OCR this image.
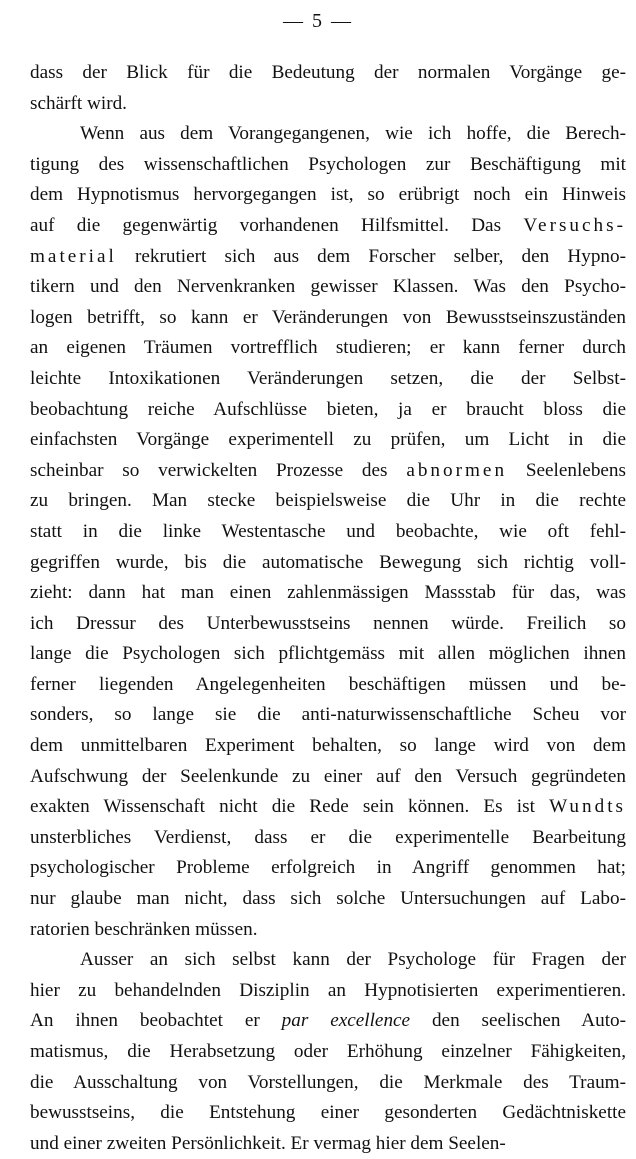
— 5 —
dass der Blick für die Bedeutung der normalen Vorgänge ge-
schärft wird.
Wenn aus dem Vorangegangenen, wie ich hoffe, die Berech-
tigung des wissenschaftlichen Psychologen zur Beschäftigung mit
dem Hypnotismus hervorgegangen ist, so erübrigt noch ein Hinweis
auf die gegenwärtig vorhandenen Hilfsmittel. Das Versuchs-
material rekrutiert sich aus dem Forscher selber, den Hypno-
tikern und den Nervenkranken gewisser Klassen. Was den Psycho-
logen betrifft, so kann er Veränderungen von Bewusstseinszuständen
an eigenen Träumen vortrefflich studieren; er kann ferner durch
leichte Intoxikationen Veränderungen setzen, die der Selbst-
beobachtung reiche Aufschlüsse bieten, ja er braucht bloss die
einfachsten Vorgänge experimentell zu prüfen, um Licht in die
scheinbar so verwickelten Prozesse des abnormen Seelenlebens
zu bringen. Man stecke beispielsweise die Uhr in die rechte
statt in die linke Westentasche und beobachte, wie oft fehl-
gegriffen wurde, bis die automatische Bewegung sich richtig voll-
zieht: dann hat man einen zahlenmässigen Massstab für das, was
ich Dressur des Unterbewusstseins nennen würde. Freilich so
lange die Psychologen sich pflichtgemäss mit allen möglichen ihnen
ferner liegenden Angelegenheiten beschäftigen müssen und be-
sonders, so lange sie die anti-naturwissenschaftliche Scheu vor
dem unmittelbaren Experiment behalten, so lange wird von dem
Aufschwung der Seelenkunde zu einer auf den Versuch gegründeten
exakten Wissenschaft nicht die Rede sein können. Es ist Wundts
unsterbliches Verdienst, dass er die experimentelle Bearbeitung
psychologischer Probleme erfolgreich in Angriff genommen hat;
nur glaube man nicht, dass sich solche Untersuchungen auf Labo-
ratorien beschränken müssen.
Ausser an sich selbst kann der Psychologe für Fragen der
hier zu behandelnden Disziplin an Hypnotisierten experimentieren.
An ihnen beobachtet er par excellence den seelischen Auto-
matismus, die Herabsetzung oder Erhöhung einzelner Fähigkeiten,
die Ausschaltung von Vorstellungen, die Merkmale des Traum-
bewusstseins, die Entstehung einer gesonderten Gedächtniskette
und einer zweiten Persönlichkeit. Er vermag hier dem Seelen-
